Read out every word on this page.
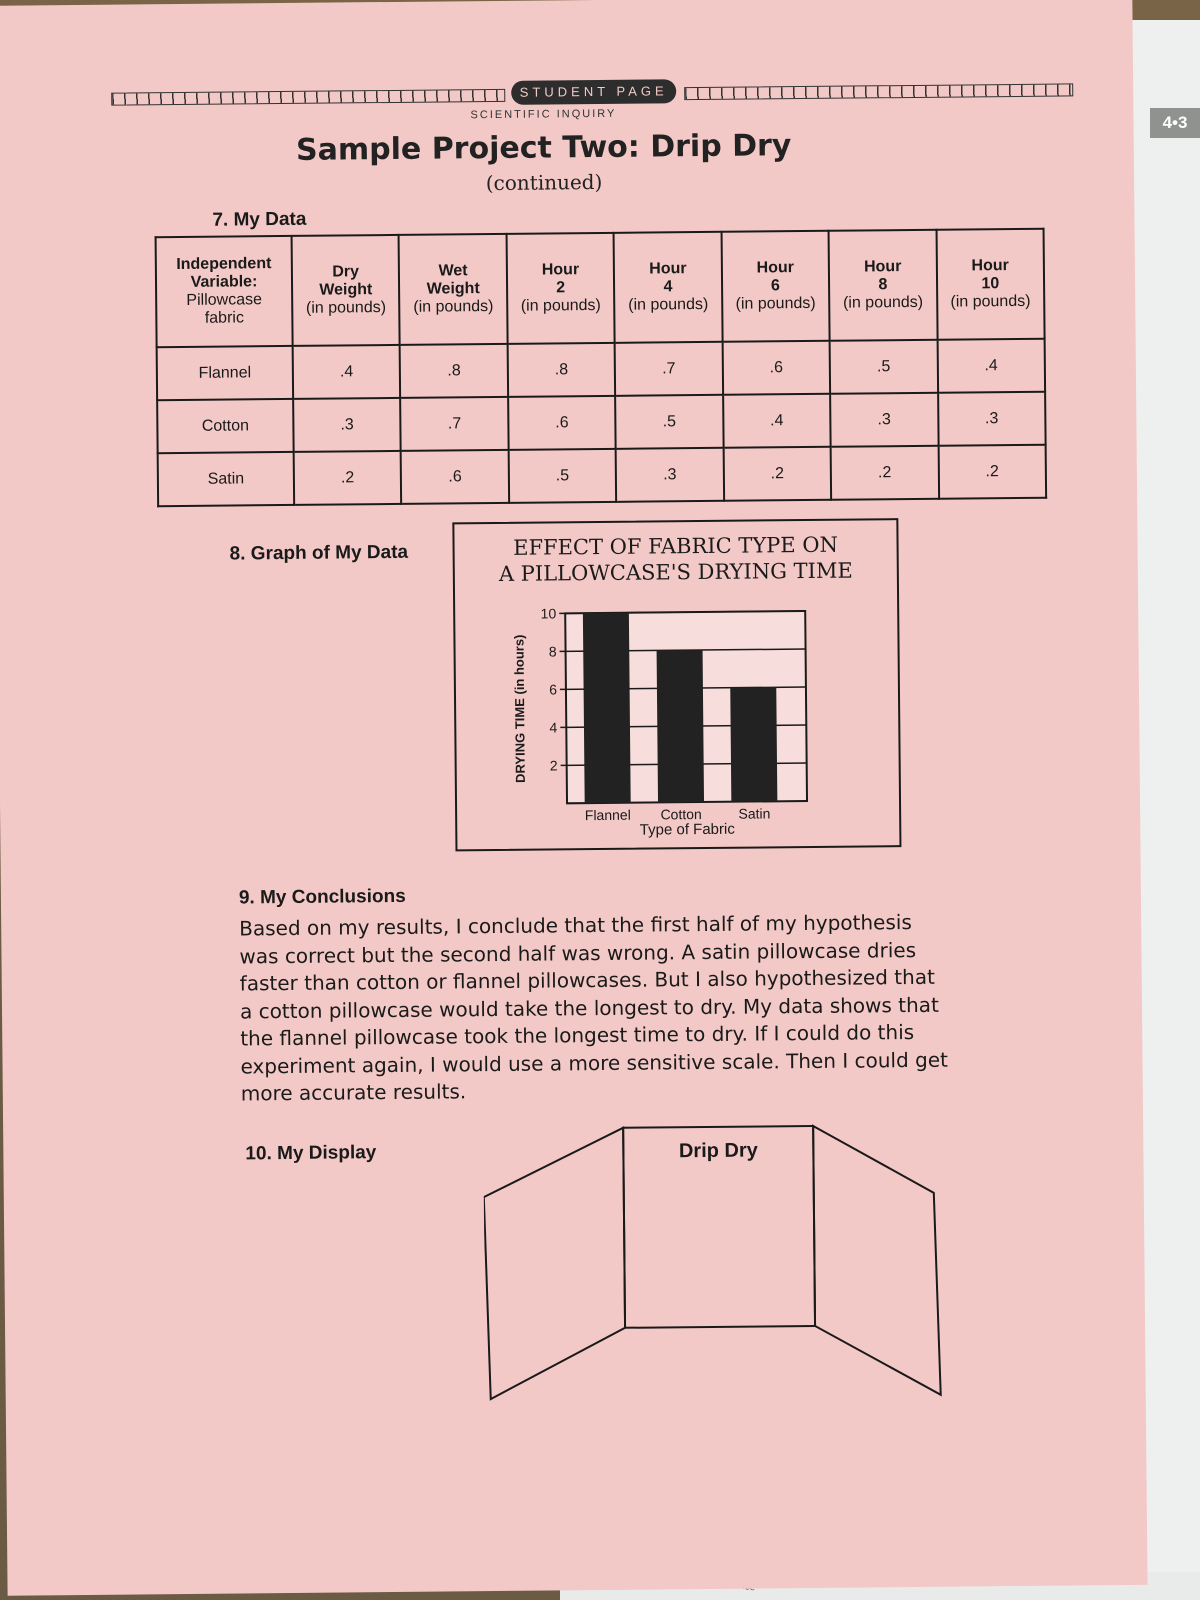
4•3
STUDENT PAGE
SCIENTIFIC INQUIRY
Sample Project Two: Drip Dry
(continued)
7. My Data
Independent
Variable:
Pillowcase
fabric	Dry
Weight
(in pounds)	Wet
Weight
(in pounds)	Hour
2
(in pounds)	Hour
4
(in pounds)	Hour
6
(in pounds)	Hour
8
(in pounds)	Hour
10
(in pounds)

Flannel	.4	.8	.8	.7	.6	.5	.4
Cotton	.3	.7	.6	.5	.4	.3	.3
Satin	.2	.6	.5	.3	.2	.2	.2
8. Graph of My Data	EFFECT OF FABRIC TYPE ON
A PILLOWCASE'S DRYING TIME
2
4
6
8
10
Flannel Cotton	Satin
DRYING TIME (in hours)
Type of Fabric
9. My Conclusions
Based on my results, I conclude that the first half of my hypothesis
was correct but the second half was wrong. A satin pillowcase dries
faster than cotton or flannel pillowcases. But I also hypothesized that
a cotton pillowcase would take the longest to dry. My data shows that
the flannel pillowcase took the longest time to dry. If I could do this
experiment again, I would use a more sensitive scale. Then I could get
more accurate results.
10. My Display	Drip Dry
